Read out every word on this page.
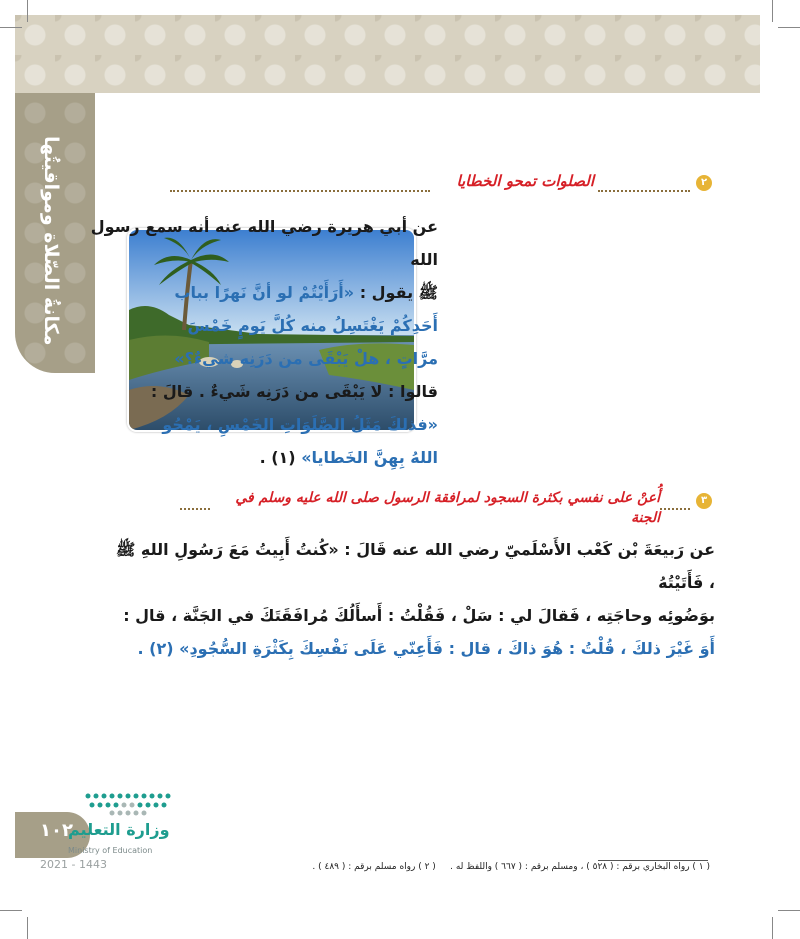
مكانةُ الصّلاة ومواقيتُها	٢
الصلوات تمحو الخطايا
عن أبي هريرة رضي الله عنه أنه سمع رسول الله
ﷺ يقول : «أَرَأَيْتُمْ لو أنَّ نَهرًا بباب
أَحَدِكُمْ يَغْتَسِلُ منه كُلَّ يَومٍ خَمْسَ
مرَّاتٍ ، هلْ يَبْقَى من دَرَنِه شيءٌ؟»
قالوا : لا يَبْقَى من دَرَنِه شَيءٌ . قالَ :
«فذلكَ مَثَلُ الصَّلَوَاتِ الخَمْسِ ، يَمْحُو
اللهُ بِهِنَّ الخَطايا» (١) .
٣
أُعنْ على نفسي بكثرة السجود لمرافقة الرسول صلى الله عليه وسلم في الجنة
عن رَبيعَةَ بْن كَعْب الأَسْلَميّ رضي الله عنه قَالَ : «كُنتُ أَبِيتُ مَعَ رَسُولِ اللهِ ﷺ ، فَأَتَيْتُهُ
بوَضُوئِه وحاجَتِه ، فَقالَ لي : سَلْ ، فَقُلْتُ : أَسأَلُكَ مُرافَقَتَكَ في الجَنَّة ، قال :
أَوَ غَيْرَ ذلكَ ، قُلْتُ : هُوَ ذاكَ ، قال : فَأَعِنّي عَلَى نَفْسِكَ بِكَثْرَةِ السُّجُودِ» (٢) .
( ١ ) رواه البخاري برقم : ( ٥٢٨ ) ، ومسلم برقم : ( ٦٦٧ ) واللفظ له .     ( ٢ ) رواه مسلم برقم : ( ٤٨٩ ) .
١٠٢
وزارة التعليم
Ministry of Education
2021 - 1443
